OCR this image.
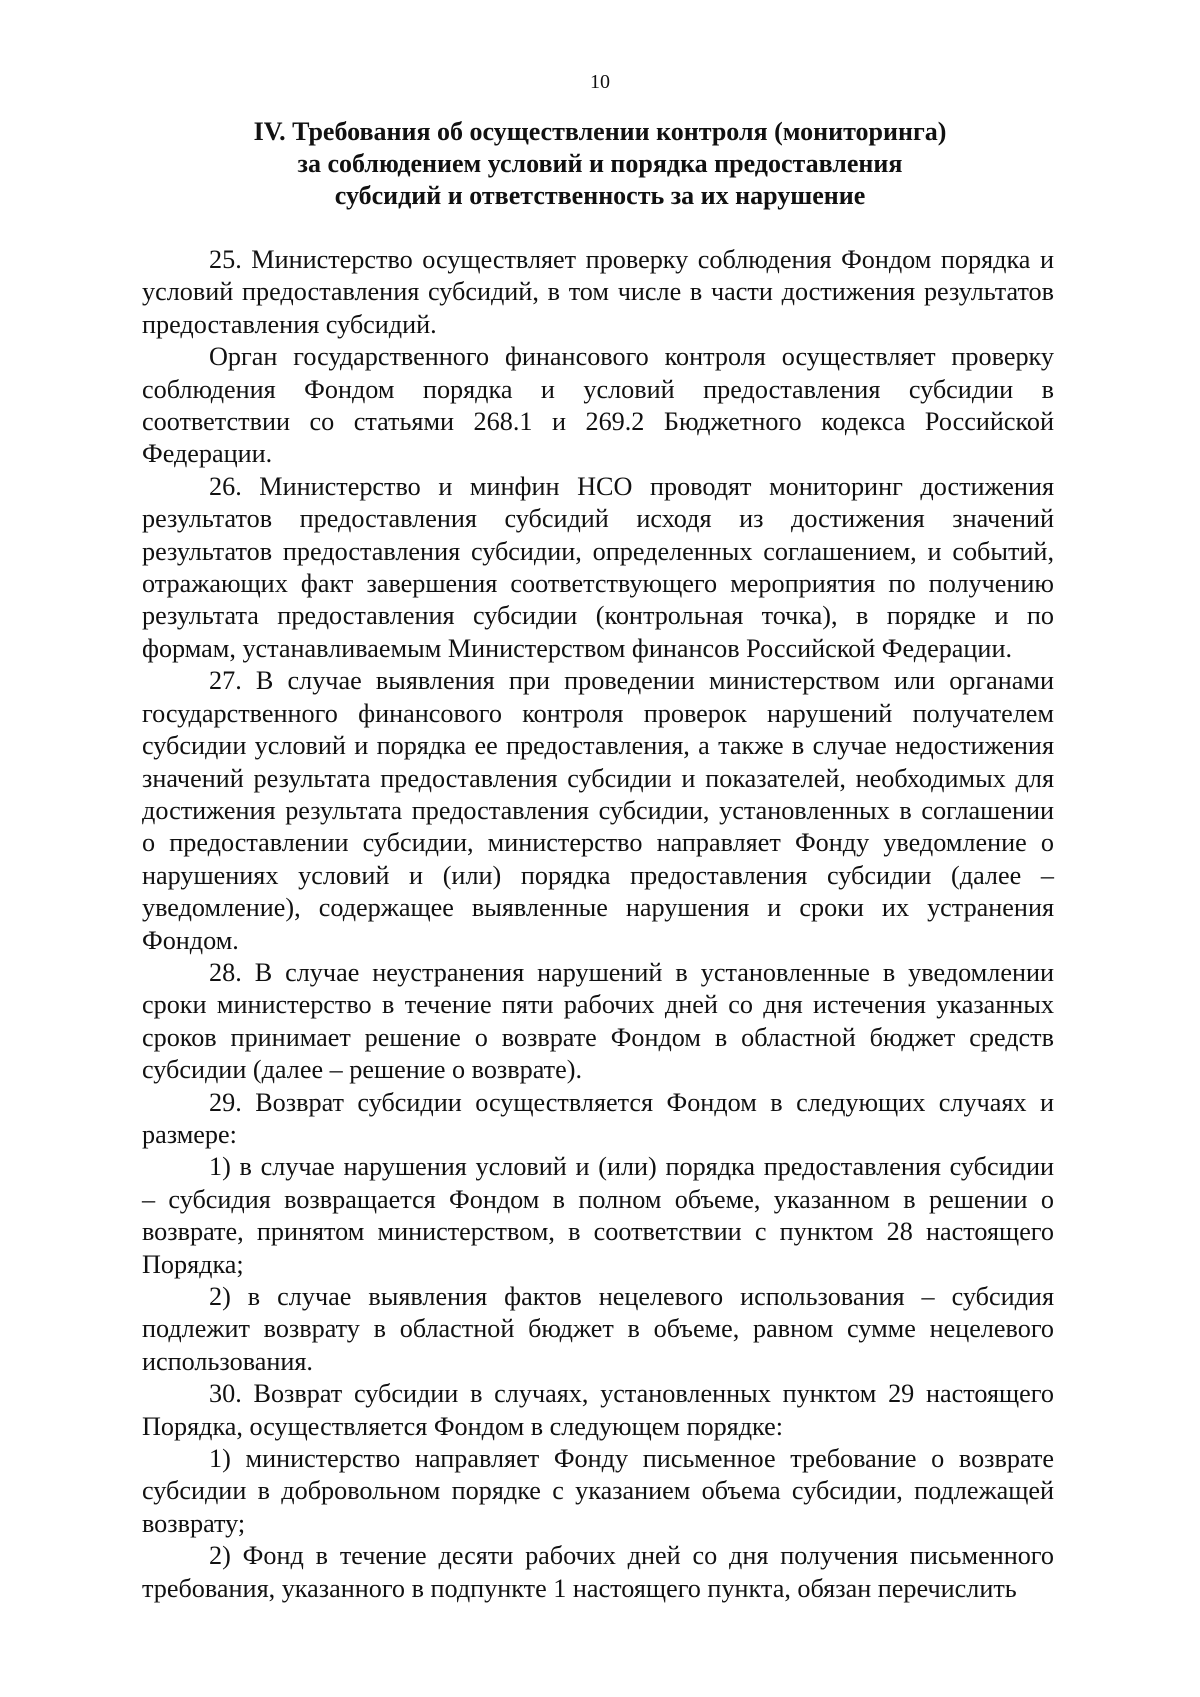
10
IV. Требования об осуществлении контроля (мониторинга)
за соблюдением условий и порядка предоставления
субсидий и ответственность за их нарушение

25. Министерство осуществляет проверку соблюдения Фондом порядка и условий предоставления субсидий, в том числе в части достижения результатов предоставления субсидий.

Орган государственного финансового контроля осуществляет проверку соблюдения Фондом порядка и условий предоставления субсидии в соответствии со статьями 268.1 и 269.2 Бюджетного кодекса Российской Федерации.

26. Министерство и минфин НСО проводят мониторинг достижения результатов предоставления субсидий исходя из достижения значений результатов предоставления субсидии, определенных соглашением, и событий, отражающих факт завершения соответствующего мероприятия по получению результата предоставления субсидии (контрольная точка), в порядке и по формам, устанавливаемым Министерством финансов Российской Федерации.

27. В случае выявления при проведении министерством или органами государственного финансового контроля проверок нарушений получателем субсидии условий и порядка ее предоставления, а также в случае недостижения значений результата предоставления субсидии и показателей, необходимых для достижения результата предоставления субсидии, установленных в соглашении о предоставлении субсидии, министерство направляет Фонду уведомление о нарушениях условий и (или) порядка предоставления субсидии (далее – уведомление), содержащее выявленные нарушения и сроки их устранения Фондом.

28. В случае неустранения нарушений в установленные в уведомлении сроки министерство в течение пяти рабочих дней со дня истечения указанных сроков принимает решение о возврате Фондом в областной бюджет средств субсидии (далее – решение о возврате).

29. Возврат субсидии осуществляется Фондом в следующих случаях и размере:

1) в случае нарушения условий и (или) порядка предоставления субсидии – субсидия возвращается Фондом в полном объеме, указанном в решении о возврате, принятом министерством, в соответствии с пунктом 28 настоящего Порядка;

2) в случае выявления фактов нецелевого использования – субсидия подлежит возврату в областной бюджет в объеме, равном сумме нецелевого использования.

30. Возврат субсидии в случаях, установленных пунктом 29 настоящего Порядка, осуществляется Фондом в следующем порядке:

1) министерство направляет Фонду письменное требование о возврате субсидии в добровольном порядке с указанием объема субсидии, подлежащей возврату;

2) Фонд в течение десяти рабочих дней со дня получения письменного требования, указанного в подпункте 1 настоящего пункта, обязан перечислить
